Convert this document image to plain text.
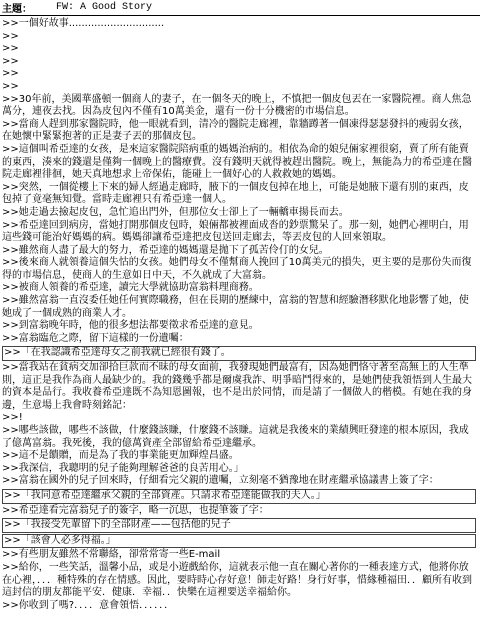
主題：	FW: A Good Story
>>一個好故事..............................
>>
>>
>>
>>
>>
>>30年前，美國華盛頓一個商人的妻子，在一個冬天的晚上，不慎把一個皮包丟在一家醫院裡。商人焦急萬分，連夜去找。因為皮包內不僅有10萬美金，還有一份十分機密的市場信息。
>>當商人趕到那家醫院時，他一眼就看到，清冷的醫院走廊裡，靠牆蹲著一個凍得瑟瑟發抖的瘦弱女孩，在她懷中緊緊抱著的正是妻子丟的那個皮包。
>>這個叫希亞達的女孩，是來這家醫院陪病重的媽媽治病的。相依為命的娘兒倆家裡很窮，賣了所有能賣的東西，湊來的錢還是僅夠一個晚上的醫療費。沒有錢明天就得被趕出醫院。晚上，無能為力的希亞達在醫院走廊裡徘徊，她天真地想求上帝保佑，能碰上一個好心的人救救她的媽媽。
>>突然，一個從樓上下來的婦人經過走廊時，腋下的一個皮包掉在地上，可能是她腋下還有別的東西，皮包掉了竟毫無知覺。當時走廊裡只有希亞達一個人。
>>她走過去撿起皮包，急忙追出門外，但那位女士卻上了一輛轎車揚長而去。
>>希亞達回到病房，當她打開那個皮包時，娘倆都被裡面成沓的鈔票驚呆了。那一刻，她們心裡明白，用這些錢可能治好媽媽的病。媽媽卻讓希亞達把皮包送回走廊去，等丟皮包的人回來領取。
>>雖然商人盡了最大的努力，希亞達的媽媽還是拋下了孤苦伶仃的女兒。
>>後來商人就領養這個失怙的女孩。她們母女不僅幫商人挽回了10萬美元的損失，更主要的是那份失而復得的市場信息，使商人的生意如日中天，不久就成了大富翁。
>>被商人領養的希亞達，讀完大學就協助富翁料理商務。
>>雖然富翁一直沒委任她任何實際職務，但在長期的歷練中，富翁的智慧和經驗潛移默化地影響了她，使她成了一個成熟的商業人才。
>>到富翁晚年時，他的很多想法都要徵求希亞達的意見。
>>富翁臨危之際，留下這樣的一份遺囑：
>>「在我認識希亞達母女之前我就已經很有錢了。
>>當我站在貧病交加卻拾巨款而不昧的母女面前，我發現她們最富有，因為她們恪守著至高無上的人生準則，這正是我作為商人最缺少的。我的錢幾乎都是爾虞我詐、明爭暗鬥得來的，是她們使我領悟到人生最大的資本是品行。我收養希亞達既不為知恩圖報，也不是出於同情，而是請了一個做人的楷模。有她在我的身邊，生意場上我會時刻銘記：
>>!
>>哪些該做，哪些不該做，什麼錢該賺，什麼錢不該賺。這就是我後來的業績興旺發達的根本原因，我成了億萬富翁。我死後，我的億萬資產全部留給希亞達繼承。
>>這不是饋贈，而是為了我的事業能更加輝煌昌盛。
>>我深信，我聰明的兒子能夠理解爸爸的良苦用心。」
>>富翁在國外的兒子回來時，仔細看完父親的遺囑，立刻毫不猶豫地在財產繼承協議書上簽了字：
>>「我同意希亞達繼承父親的全部資產。只請求希亞達能做我的夫人。」
>>希亞達看完富翁兒子的簽字，略一沉思，也提筆簽了字：
>>「我接受先輩留下的全部財產——包括他的兒子
>>「該會人必多得福。」
>>有些朋友雖然不常聯絡，卻常常寄一些E-mail
>>給你，一些笑話，溫馨小品，或是小遊戲給你，這就表示他一直在關心著你的一種表達方式，他將你放在心裡，．．．種特殊的存在情感。因此，要時時心存好意！師走好路！身行好事，惜緣種福田．．顧所有收到這封信的朋友都能平安．健康．幸福．．快樂在這裡要送幸福給你。
>>你收到了嗎?．．．．意會領悟．．．．．．
